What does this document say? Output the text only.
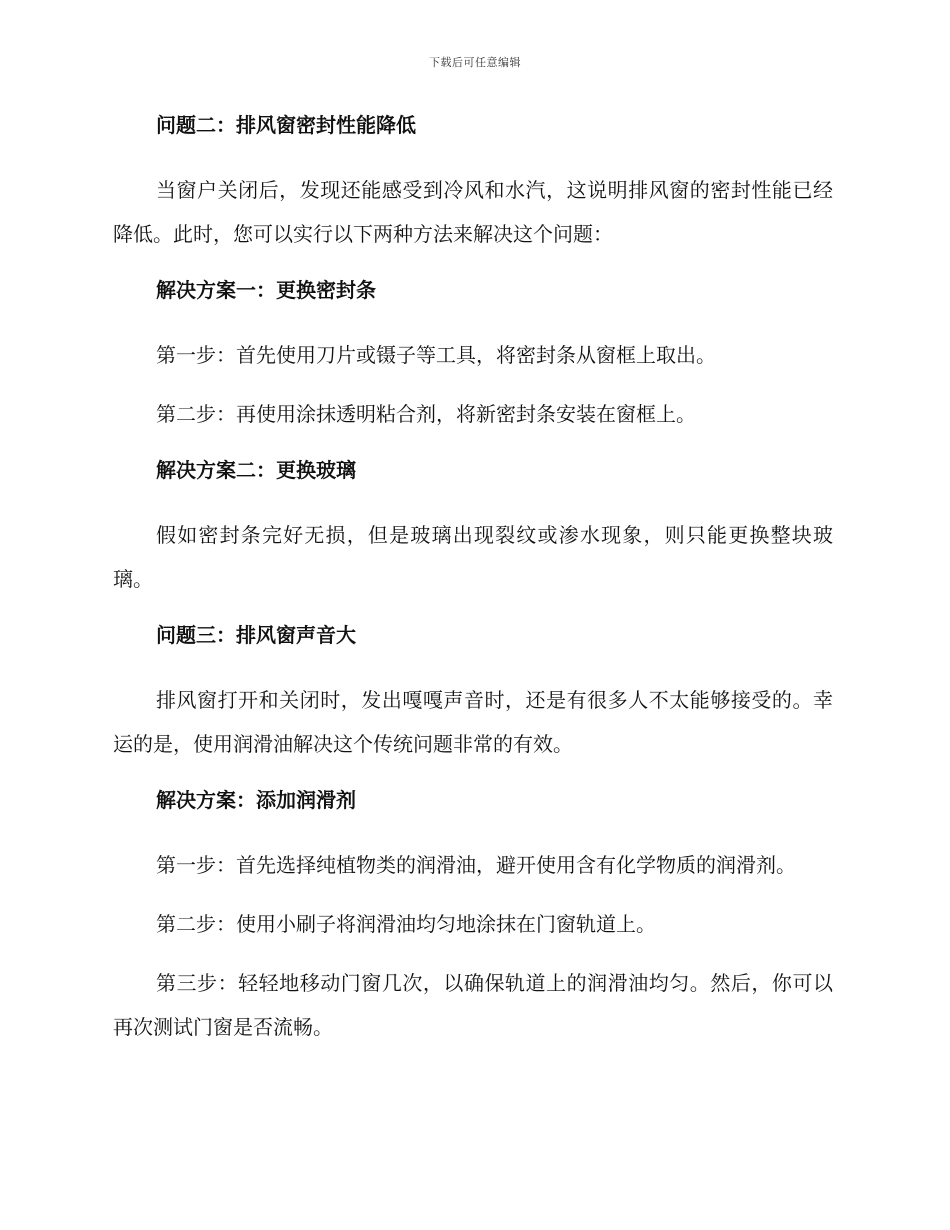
下载后可任意编辑
问题二：排风窗密封性能降低

当窗户关闭后，发现还能感受到冷风和水汽，这说明排风窗的密封性能已经降低。此时，您可以实行以下两种方法来解决这个问题：

解决方案一：更换密封条

第一步：首先使用刀片或镊子等工具，将密封条从窗框上取出。

第二步：再使用涂抹透明粘合剂，将新密封条安装在窗框上。

解决方案二：更换玻璃

假如密封条完好无损，但是玻璃出现裂纹或渗水现象，则只能更换整块玻璃。

问题三：排风窗声音大

排风窗打开和关闭时，发出嘎嘎声音时，还是有很多人不太能够接受的。幸运的是，使用润滑油解决这个传统问题非常的有效。

解决方案：添加润滑剂

第一步：首先选择纯植物类的润滑油，避开使用含有化学物质的润滑剂。

第二步：使用小刷子将润滑油均匀地涂抹在门窗轨道上。

第三步：轻轻地移动门窗几次，以确保轨道上的润滑油均匀。然后，你可以再次测试门窗是否流畅。
